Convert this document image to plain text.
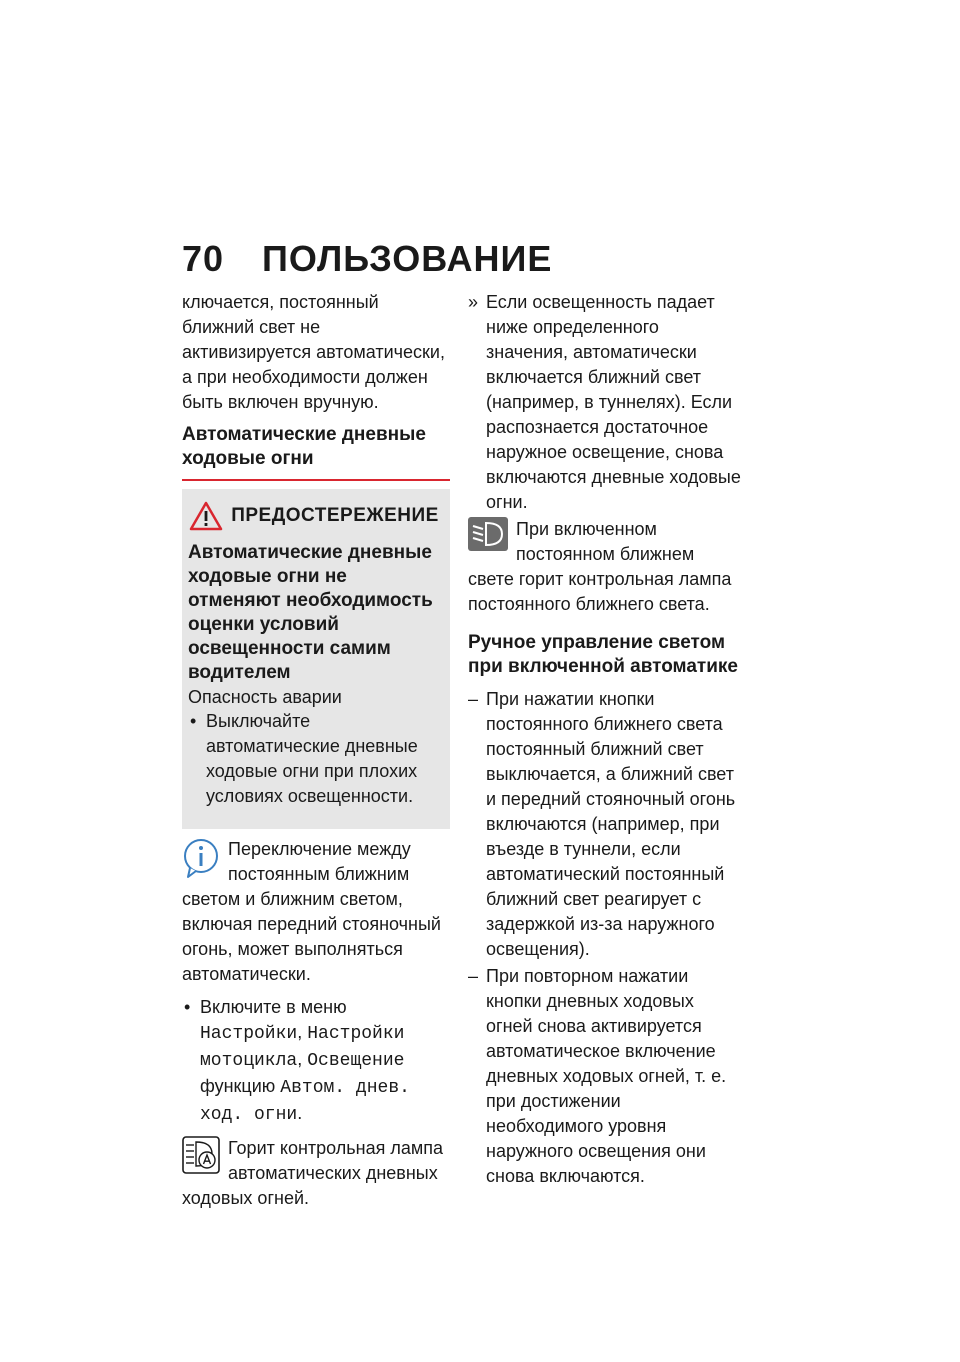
70 ПОЛЬЗОВАНИЕ

ключается, постоянный ближний свет не активизируется автоматически, а при необходимости должен быть включен вручную.

Автоматические дневные ходовые огни
ПРЕДОСТЕРЕЖЕНИЕ
Автоматические дневные ходовые огни не отменяют необходимость оценки условий освещенности самим водителем
Опасность аварии
• Выключайте автоматические дневные ходовые огни при плохих условиях освещенности.
Переключение между постоянным ближним светом и ближним светом, включая передний стояночный огонь, может выполняться автоматически.
• Включите в меню Настройки, Настройки мотоцикла, Освещение функцию Автом. днев. ход. огни.
Горит контрольная лампа автоматических дневных ходовых огней.
» Если освещенность падает ниже определенного значения, автоматически включается ближний свет (например, в туннелях). Если распознается достаточное наружное освещение, снова включаются дневные ходовые огни.
При включенном постоянном ближнем свете горит контрольная лампа постоянного ближнего света.
Ручное управление светом при включенной автоматике
– При нажатии кнопки постоянного ближнего света постоянный ближний свет выключается, а ближний свет и передний стояночный огонь включаются (например, при въезде в туннели, если автоматический постоянный ближний свет реагирует с задержкой из-за наружного освещения).
– При повторном нажатии кнопки дневных ходовых огней снова активируется автоматическое включение дневных ходовых огней, т. е. при достижении необходимого уровня наружного освещения они снова включаются.
